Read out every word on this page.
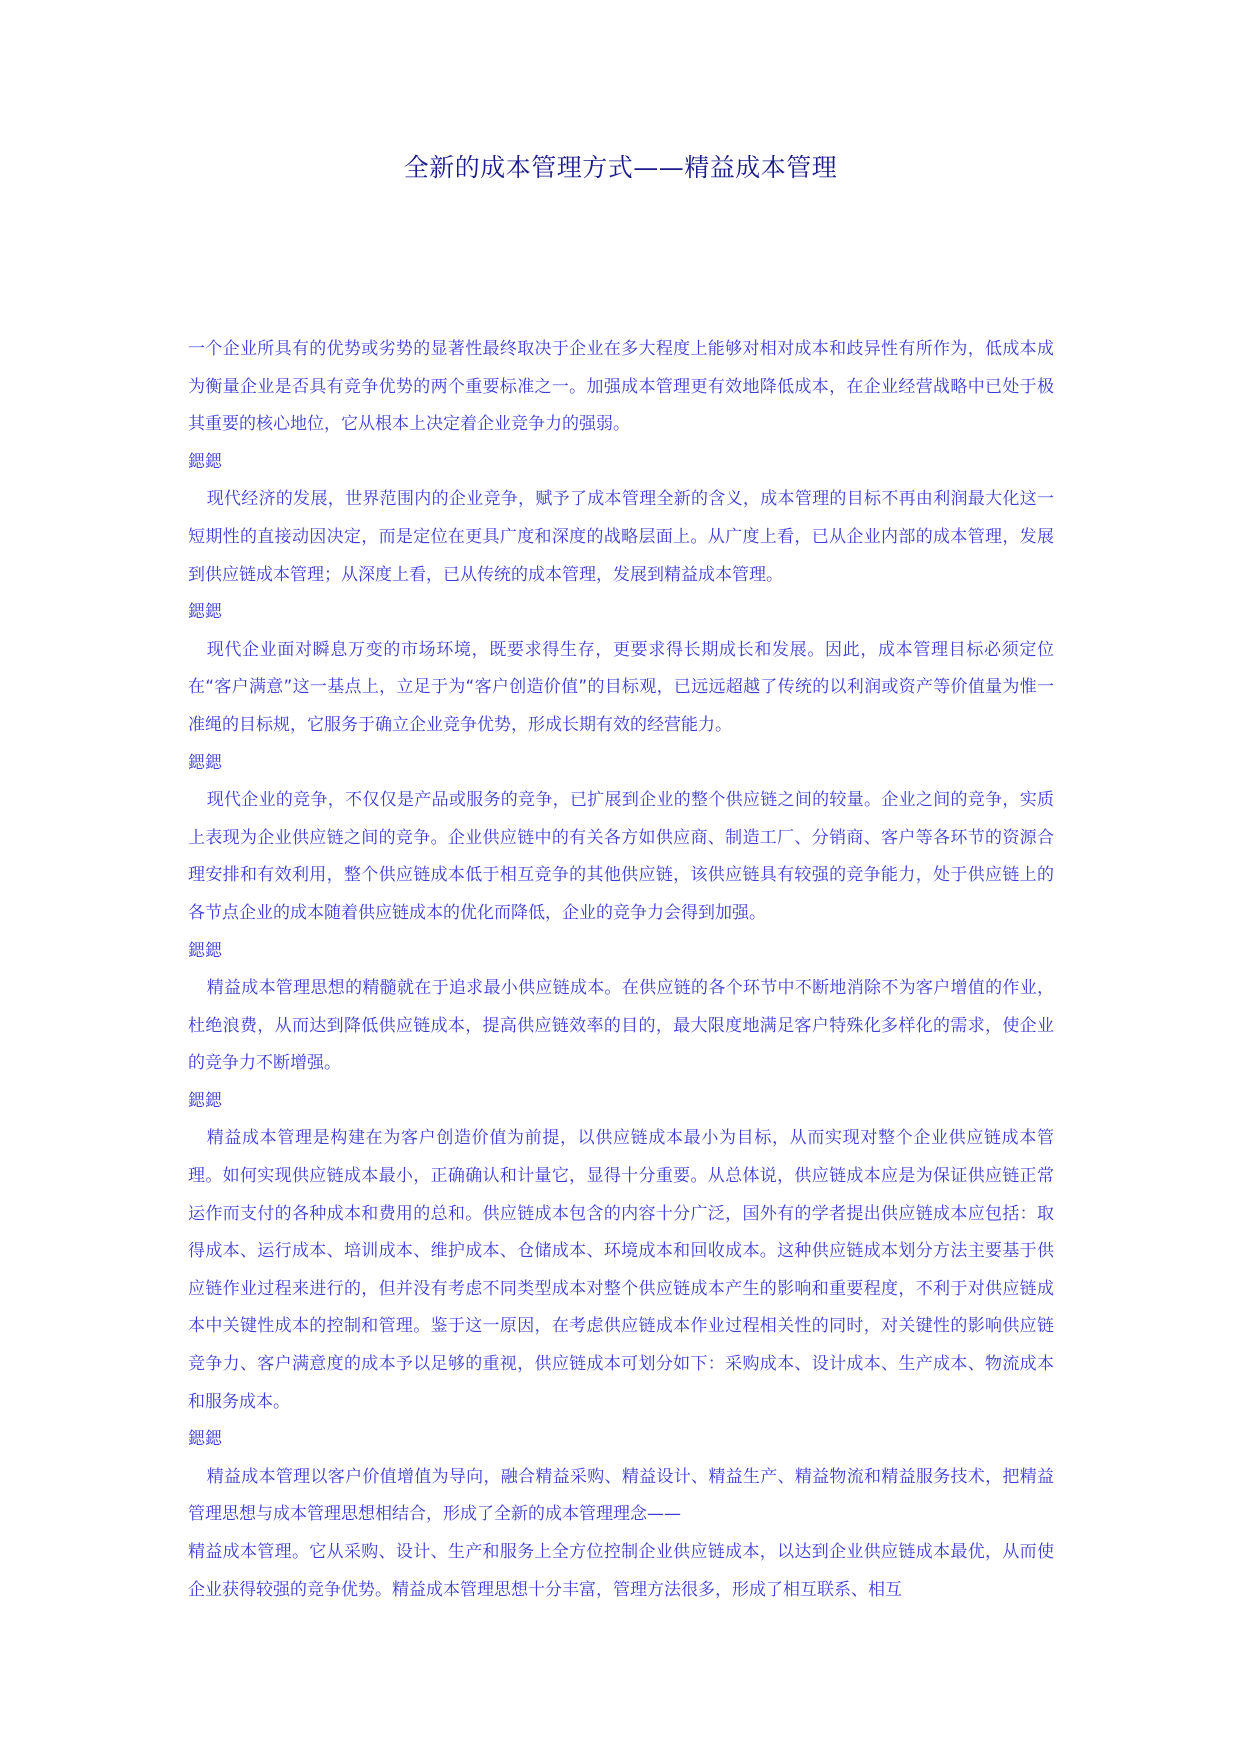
全新的成本管理方式——精益成本管理

一个企业所具有的优势或劣势的显著性最终取决于企业在多大程度上能够对相对成本和歧异性有所作为，低成本成为衡量企业是否具有竞争优势的两个重要标准之一。加强成本管理更有效地降低成本，在企业经营战略中已处于极其重要的核心地位，它从根本上决定着企业竞争力的强弱。

鍶鍶

现代经济的发展，世界范围内的企业竞争，赋予了成本管理全新的含义，成本管理的目标不再由利润最大化这一短期性的直接动因决定，而是定位在更具广度和深度的战略层面上。从广度上看，已从企业内部的成本管理，发展到供应链成本管理；从深度上看，已从传统的成本管理，发展到精益成本管理。

鍶鍶

现代企业面对瞬息万变的市场环境，既要求得生存，更要求得长期成长和发展。因此，成本管理目标必须定位在“客户满意”这一基点上，立足于为“客户创造价值”的目标观，已远远超越了传统的以利润或资产等价值量为惟一准绳的目标规，它服务于确立企业竞争优势，形成长期有效的经营能力。

鍶鍶

现代企业的竞争，不仅仅是产品或服务的竞争，已扩展到企业的整个供应链之间的较量。企业之间的竞争，实质上表现为企业供应链之间的竞争。企业供应链中的有关各方如供应商、制造工厂、分销商、客户等各环节的资源合理安排和有效利用，整个供应链成本低于相互竞争的其他供应链，该供应链具有较强的竞争能力，处于供应链上的各节点企业的成本随着供应链成本的优化而降低，企业的竞争力会得到加强。

鍶鍶

精益成本管理思想的精髓就在于追求最小供应链成本。在供应链的各个环节中不断地消除不为客户增值的作业，杜绝浪费，从而达到降低供应链成本，提高供应链效率的目的，最大限度地满足客户特殊化多样化的需求，使企业的竞争力不断增强。

鍶鍶

精益成本管理是构建在为客户创造价值为前提，以供应链成本最小为目标，从而实现对整个企业供应链成本管理。如何实现供应链成本最小，正确确认和计量它，显得十分重要。从总体说，供应链成本应是为保证供应链正常运作而支付的各种成本和费用的总和。供应链成本包含的内容十分广泛，国外有的学者提出供应链成本应包括：取得成本、运行成本、培训成本、维护成本、仓储成本、环境成本和回收成本。这种供应链成本划分方法主要基于供应链作业过程来进行的，但并没有考虑不同类型成本对整个供应链成本产生的影响和重要程度，不利于对供应链成本中关键性成本的控制和管理。鉴于这一原因，在考虑供应链成本作业过程相关性的同时，对关键性的影响供应链竞争力、客户满意度的成本予以足够的重视，供应链成本可划分如下：采购成本、设计成本、生产成本、物流成本和服务成本。

鍶鍶

精益成本管理以客户价值增值为导向，融合精益采购、精益设计、精益生产、精益物流和精益服务技术，把精益管理思想与成本管理思想相结合，形成了全新的成本管理理念——

精益成本管理。它从采购、设计、生产和服务上全方位控制企业供应链成本，以达到企业供应链成本最优，从而使企业获得较强的竞争优势。精益成本管理思想十分丰富，管理方法很多，形成了相互联系、相互
